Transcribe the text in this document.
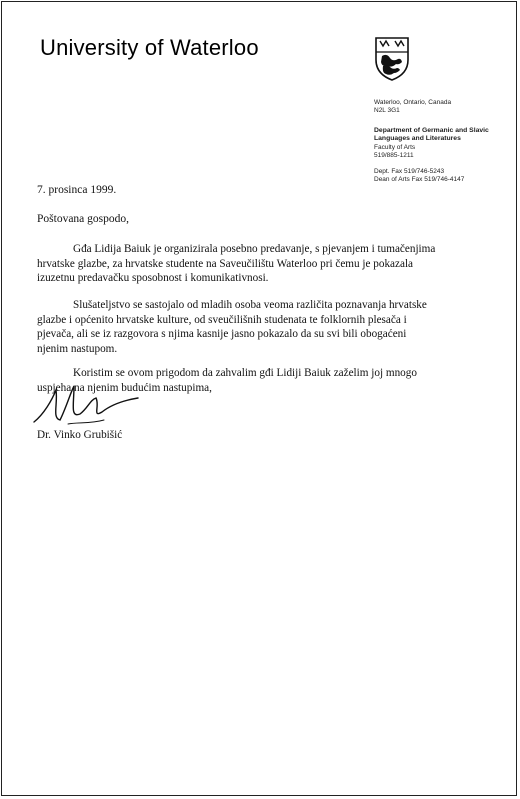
University of Waterloo
Waterloo, Ontario, Canada
N2L 3G1
Department of Germanic and Slavic
Languages and Literatures
Faculty of Arts
519/885-1211
Dept. Fax 519/746-5243
Dean of Arts Fax 519/746-4147
7. prosinca 1999.
Poštovana gospodo,
Gđa Lidija Baiuk je organizirala posebno predavanje, s pjevanjem i tumačenjima
hrvatske glazbe, za hrvatske studente na Saveučilištu Waterloo pri čemu je pokazala
izuzetnu predavačku sposobnost i komunikativnosi.
Slušateljstvo se sastojalo od mladih osoba veoma različita poznavanja hrvatske
glazbe i općenito hrvatske kulture, od sveučilišnih studenata te folklornih plesača i
pjevača, ali se iz razgovora s njima kasnije jasno pokazalo da su svi bili obogaćeni
njenim nastupom.
Koristim se ovom prigodom da zahvalim gđi Lidiji Baiuk zaželim joj mnogo
uspjeha na njenim budućim nastupima,
Dr. Vinko Grubišić
